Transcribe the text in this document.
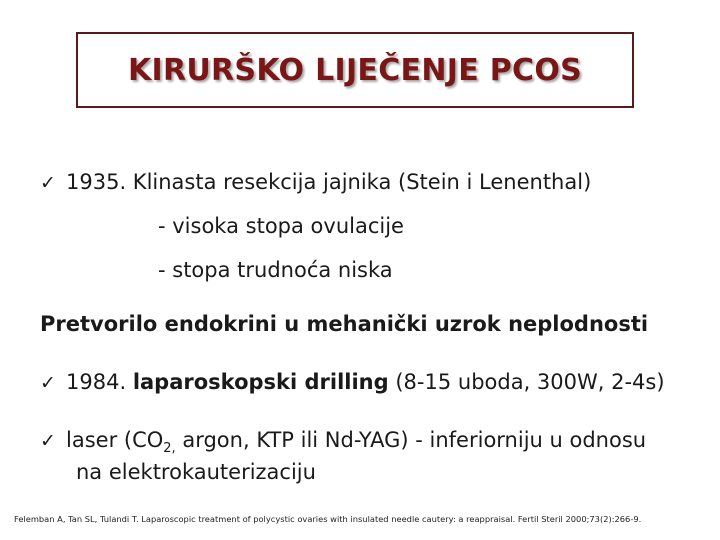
KIRURŠKO LIJEČENJE PCOS
✓ 1935. Klinasta resekcija jajnika (Stein i Lenenthal)
- visoka stopa ovulacije
- stopa trudnoća niska
Pretvorilo endokrini u mehanički uzrok neplodnosti
✓ 1984. laparoskopski drilling (8-15 uboda, 300W, 2-4s)
✓ laser ($CO_{2,}$ argon, KTP ili Nd-YAG) - inferiorniju u odnosu
na elektrokauterizaciju
Felemban A, Tan SL, Tulandi T. Laparoscopic treatment of polycystic ovaries with insulated needle cautery: a reappraisal. Fertil Steril 2000;73(2):266-9.
